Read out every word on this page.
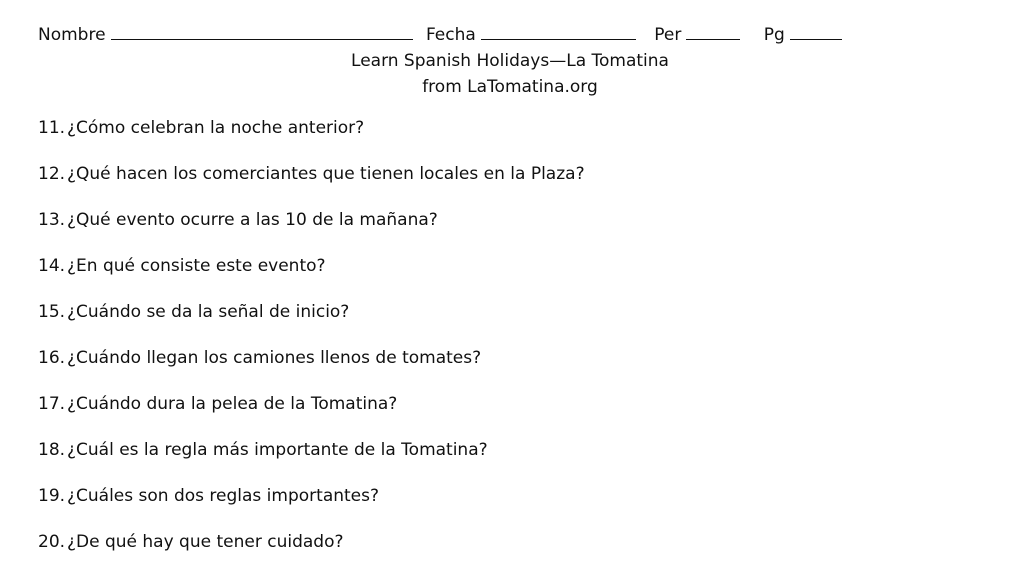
Nombre	Fecha	Per	Pg
Learn Spanish Holidays—La Tomatina
from LaTomatina.org
11. ¿Cómo celebran la noche anterior?
12. ¿Qué hacen los comerciantes que tienen locales en la Plaza?
13. ¿Qué evento ocurre a las 10 de la mañana?
14. ¿En qué consiste este evento?
15. ¿Cuándo se da la señal de inicio?
16. ¿Cuándo llegan los camiones llenos de tomates?
17. ¿Cuándo dura la pelea de la Tomatina?
18. ¿Cuál es la regla más importante de la Tomatina?
19. ¿Cuáles son dos reglas importantes?
20. ¿De qué hay que tener cuidado?
